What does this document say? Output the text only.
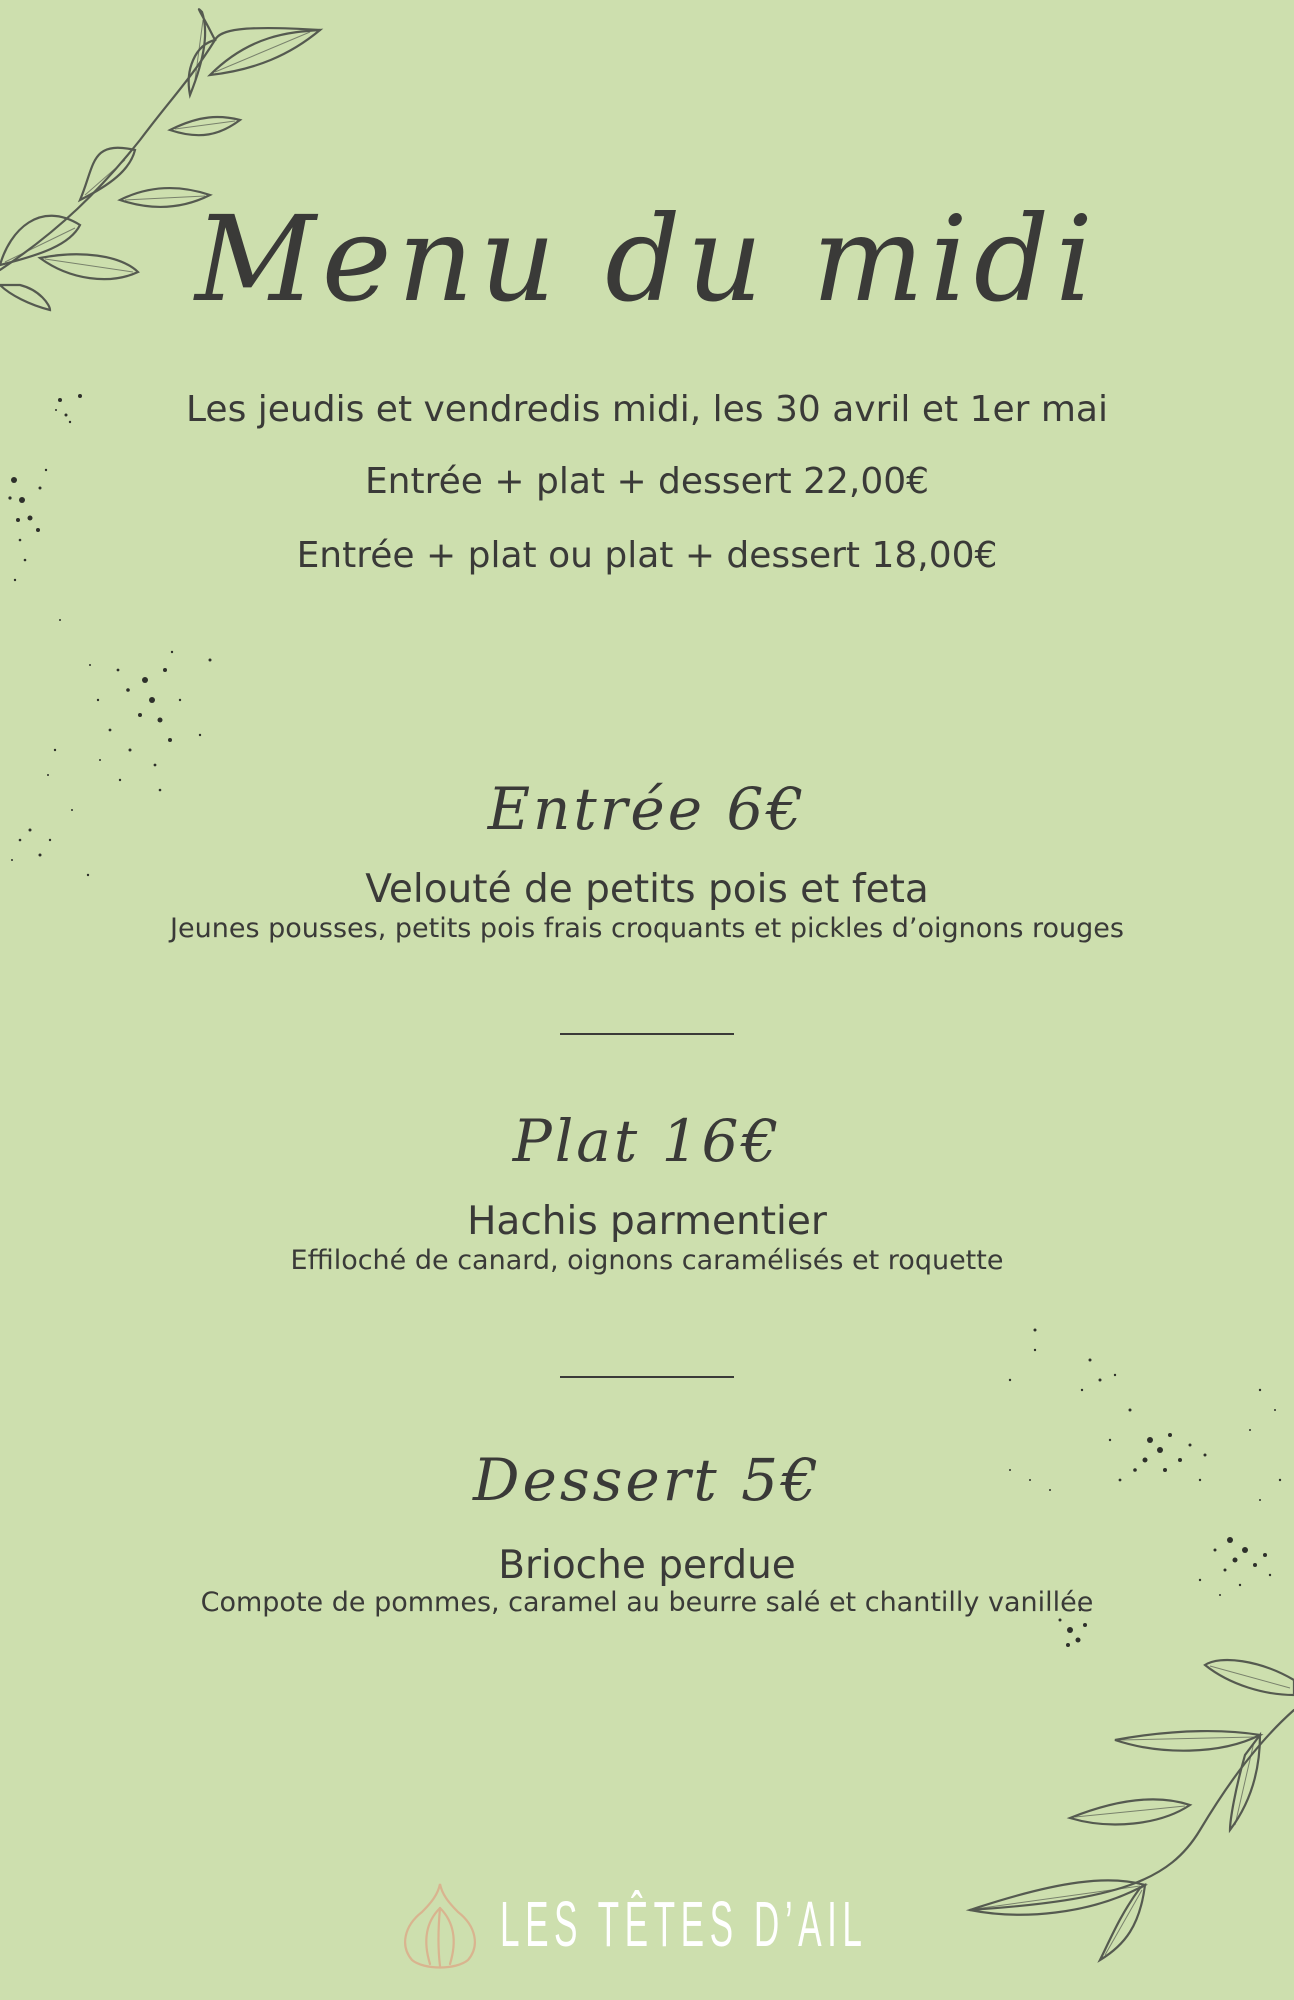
Menu du midi
Les jeudis et vendredis midi, les 30 avril et 1er mai
Entrée + plat + dessert 22,00€
Entrée + plat ou plat + dessert 18,00€
Entrée 6€
Velouté de petits pois et feta
Jeunes pousses, petits pois frais croquants et pickles d’oignons rouges
Plat 16€
Hachis parmentier
Effiloché de canard, oignons caramélisés et roquette
Dessert 5€
Brioche perdue
Compote de pommes, caramel au beurre salé et chantilly vanillée
LES TÊTES D’AIL
